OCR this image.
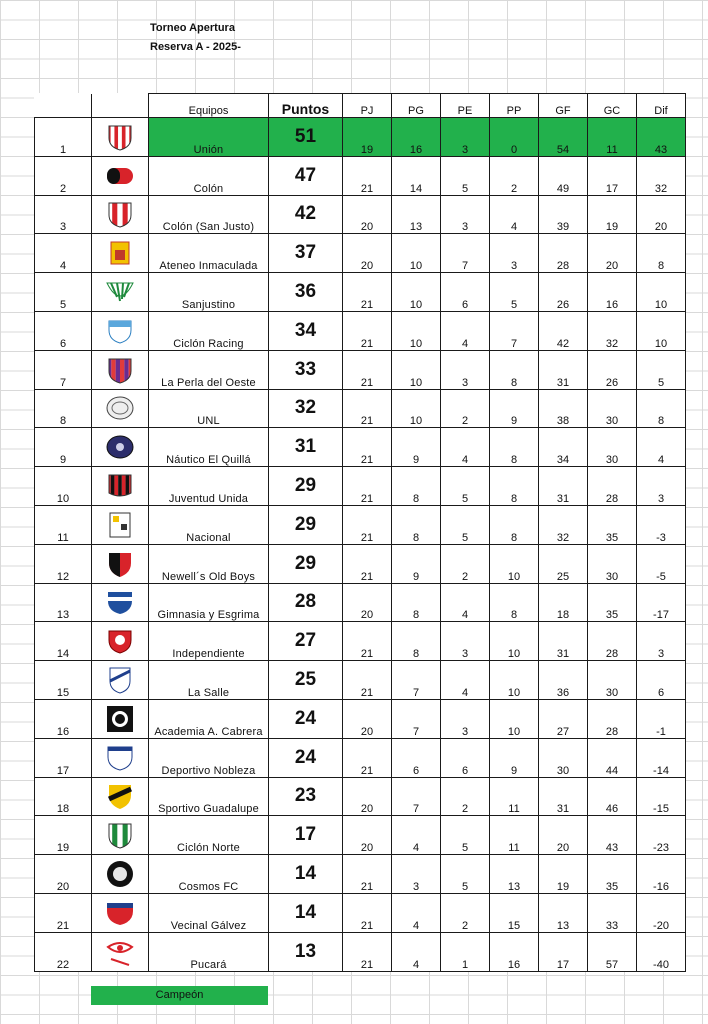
Torneo Apertura
Reserva A - 2025-
		Equipos	Puntos	PJ	PG	PE	PP	GF	GC	Dif
1		Unión	51	19	16	3	0	54	11	43
2		Colón	47	21	14	5	2	49	17	32
3		Colón (San Justo)	42	20	13	3	4	39	19	20
4		Ateneo Inmaculada	37	20	10	7	3	28	20	8
5		Sanjustino	36	21	10	6	5	26	16	10
6		Ciclón Racing	34	21	10	4	7	42	32	10
7		La Perla del Oeste	33	21	10	3	8	31	26	5
8		UNL	32	21	10	2	9	38	30	8
9		Náutico El Quillá	31	21	9	4	8	34	30	4
10		Juventud Unida	29	21	8	5	8	31	28	3
11		Nacional	29	21	8	5	8	32	35	-3
12		Newell´s Old Boys	29	21	9	2	10	25	30	-5
13		Gimnasia y Esgrima	28	20	8	4	8	18	35	-17
14		Independiente	27	21	8	3	10	31	28	3
15		La Salle	25	21	7	4	10	36	30	6
16		Academia A. Cabrera	24	20	7	3	10	27	28	-1
17		Deportivo Nobleza	24	21	6	6	9	30	44	-14
18		Sportivo Guadalupe	23	20	7	2	11	31	46	-15
19		Ciclón Norte	17	20	4	5	11	20	43	-23
20		Cosmos FC	14	21	3	5	13	19	35	-16
21		Vecinal Gálvez	14	21	4	2	15	13	33	-20
22		Pucará	13	21	4	1	16	17	57	-40
Campeón
